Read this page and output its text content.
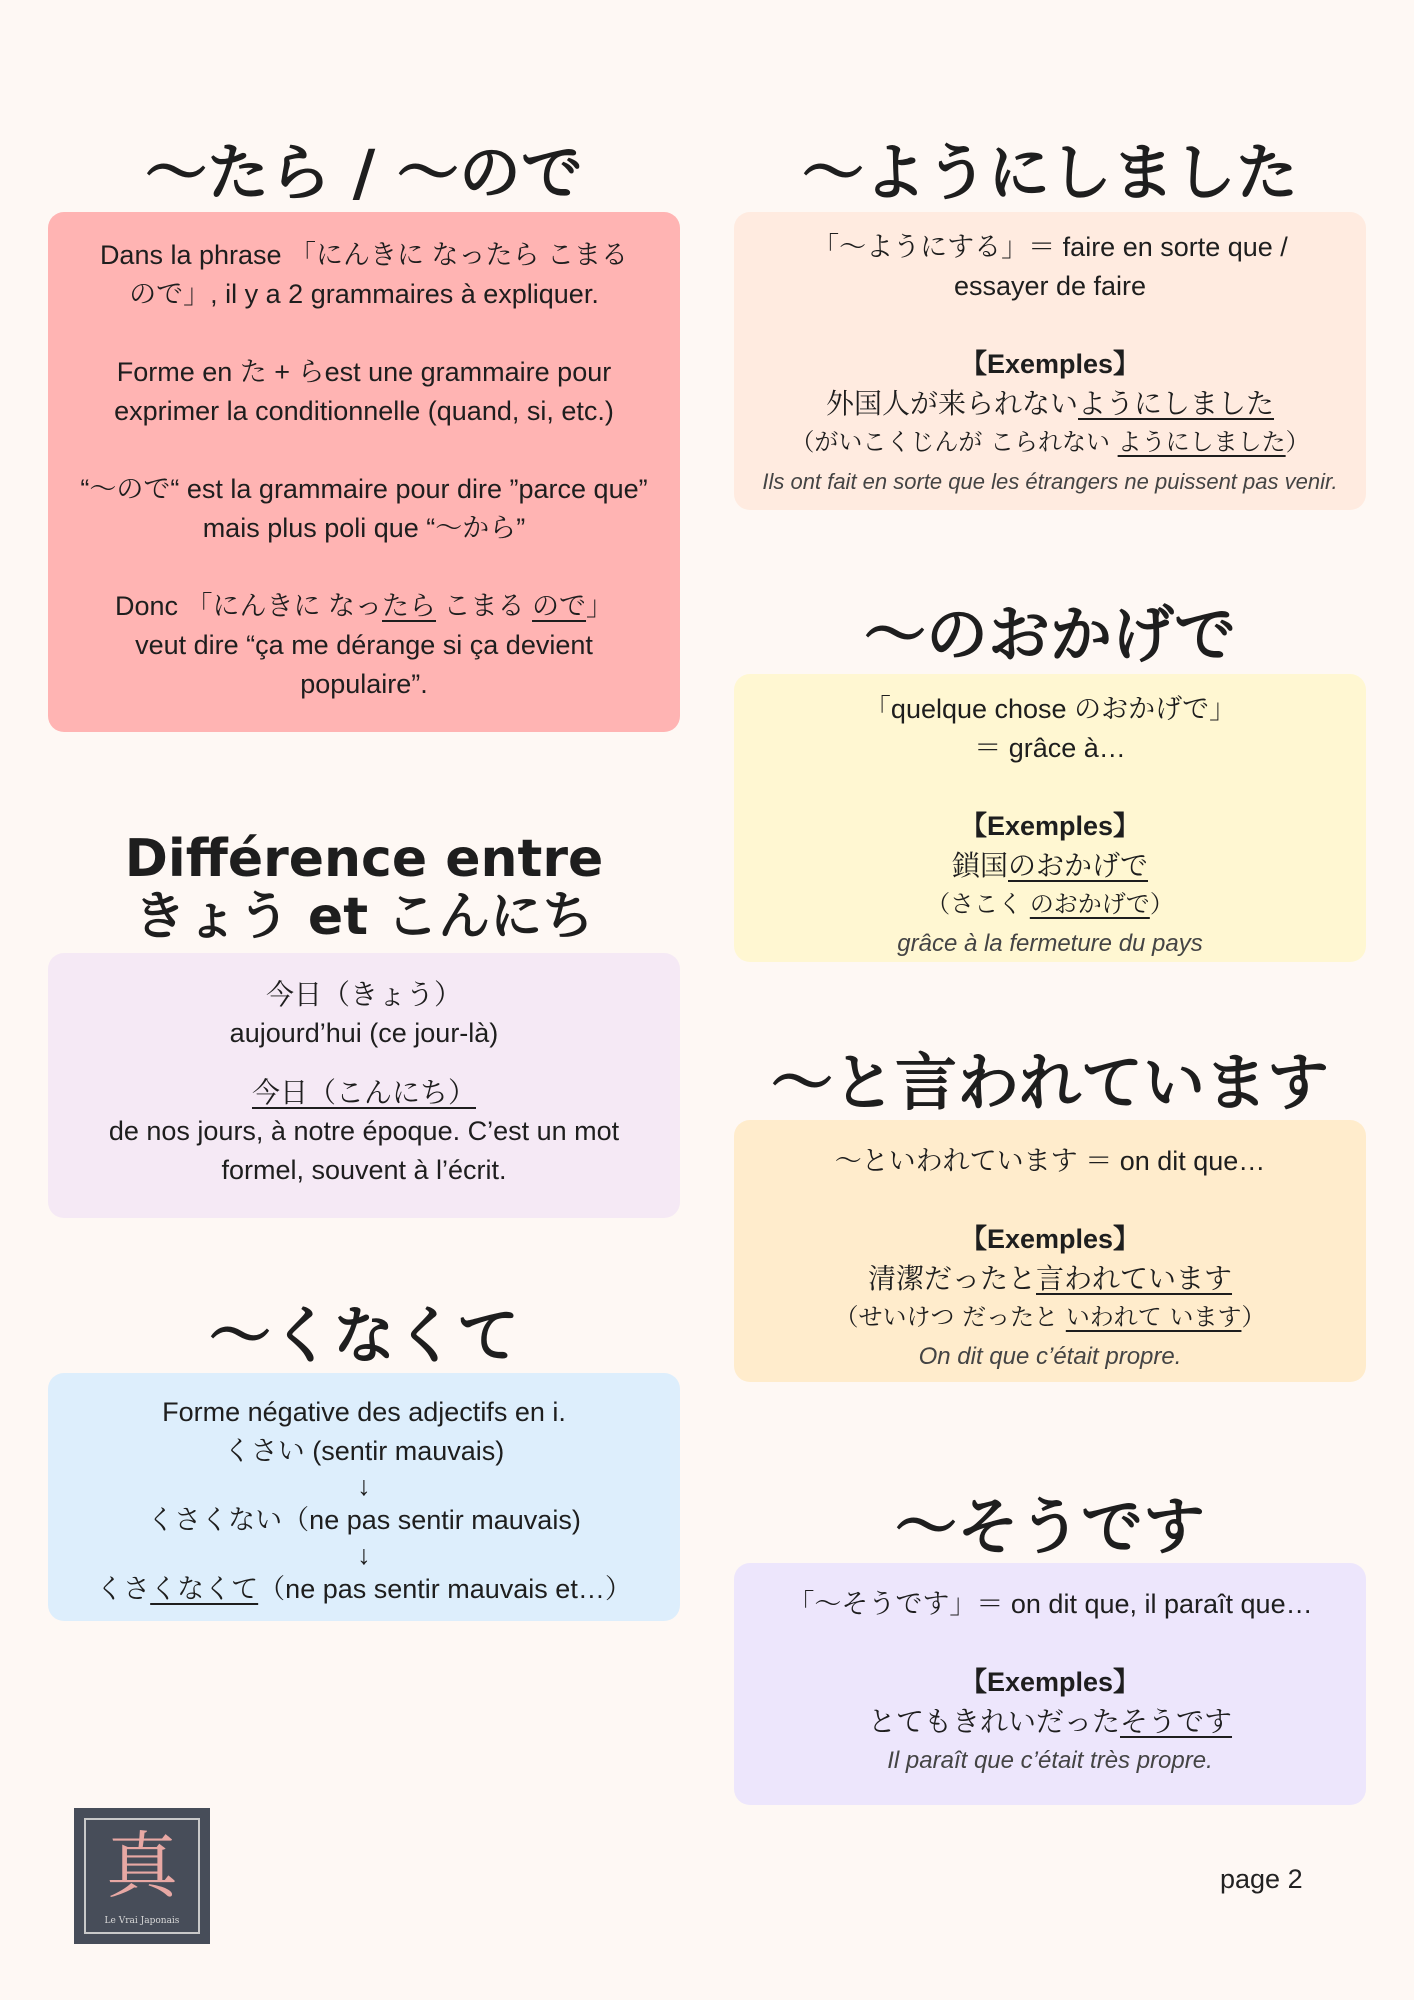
〜たら / 〜ので

Dans la phrase 「にんきに なったら こまる

ので」, il y a 2 grammaires à expliquer.

Forme en た + らest une grammaire pour

exprimer la conditionnelle (quand, si, etc.)

“〜ので“ est la grammaire pour dire ”parce que”

mais plus poli que “〜から”

Donc 「にんきに なったら こまる ので」

veut dire “ça me dérange si ça devient

populaire”.

Différence entre
きょう et こんにち

今日（きょう）

aujourd’hui (ce jour-là)

今日（こんにち）

de nos jours, à notre époque. C’est un mot

formel, souvent à l’écrit.

〜くなくて

Forme négative des adjectifs en i.

くさい (sentir mauvais)

↓

くさくない（ne pas sentir mauvais)

↓

くさくなくて（ne pas sentir mauvais et…）

〜ようにしました

「〜ようにする」＝ faire en sorte que /

essayer de faire

【Exemples】

外国人が来られないようにしました

（がいこくじんが こられない ようにしました）

Ils ont fait en sorte que les étrangers ne puissent pas venir.

〜のおかげで

「quelque chose のおかげで」

＝ grâce à…

【Exemples】

鎖国のおかげで

（さこく のおかげで）

grâce à la fermeture du pays

〜と言われています

〜といわれています ＝ on dit que…

【Exemples】

清潔だったと言われています

（せいけつ だったと いわれて います）

On dit que c’était propre.

〜そうです

「〜そうです」＝ on dit que, il paraît que…

【Exemples】

とてもきれいだったそうです

Il paraît que c’était très propre.

真
Le Vrai Japonais
page 2
